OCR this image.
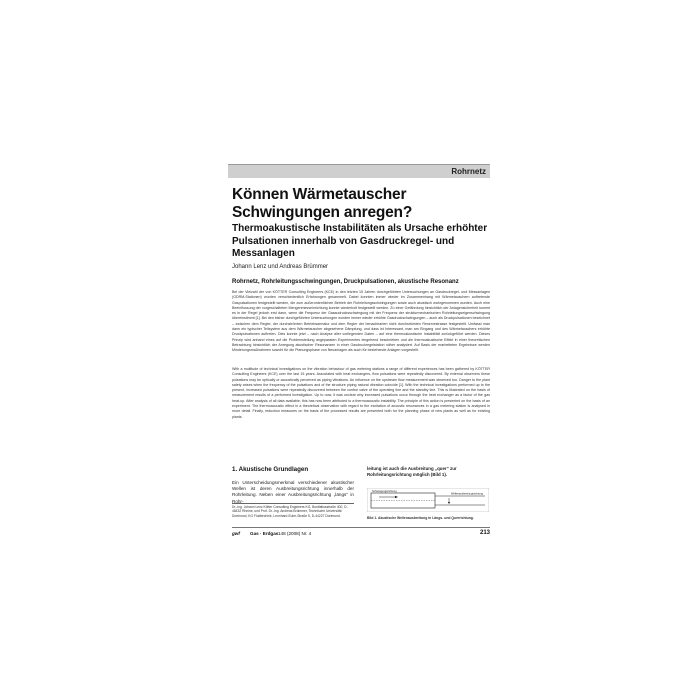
Rohrnetz
Können Wärmetauscher Schwingungen anregen?
Thermoakustische Instabilitäten als Ursache erhöhter Pulsationen innerhalb von Gasdruckregel- und Messanlagen
Johann Lenz und Andreas Brümmer
Rohrnetz, Rohrleitungsschwingungen, Druckpulsationen, akustische Resonanz

Bei der Vielzahl der von KÖTTER Consulting Engineers (KCE) in den letzten 15 Jahren durchgeführten Untersuchungen an Gasdruckregel- und Messanlagen (GDRM-Stationen) wurden verschiedentlich Erfahrungen gesammelt. Dabei konnten immer wieder im Zusammenhang mit Wärmetauschern auftretende Gaspulsationen festgestellt werden, die zum außerordentlichen Betrieb der Rohrleitungsschwingungen sowie auch akustisch wahrgenommen wurden. Auch eine Beeinflussung der vorgeschalteten Mengenmesseinrichtung konnte wiederholt festgestellt werden. Zu einer Gefährdung hinsichtlich der Anlagensicherheit kommt es in der Regel jedoch erst dann, wenn die Frequenz der Gasaudrucksschwingung mit der Frequenz der strukturmechanischen Rohrleitungseigenschwingung übereinstimmt [1]. Bei den bisher durchgeführten Untersuchungen wurden immer wieder erhöhte Gasdruckschwingungen – auch als Druckpulsationen bezeichnet – zwischen dem Regler, der durchströmten Betriebsarmatur und dem Regler der benachbarten nicht durchströmten Reservestrasse festgestellt. Umfasst man dann ein typischer Teilsystem aus dem Wärmetauscher abgesehene Dämpfung, und dass ist Interessant, man am Eingang und des Wärmetauschers erhöhte Druckpulsationen auftreten. Dies konnte jetzt – nach Analyse aller vorliegenden Daten – auf eine thermoakustische Instabilität zurückgeführt werden. Dieses Prinzip wird anhand eines auf die Problemstellung angepassten Experimentes eingehend beschrieben und die thermoakustische Effekt in einer theoretischen Betrachtung hinsichtlich der Anregung akustischer Resonanzen in einer Gasdruckregelstation näher analysiert. Auf Basis der erarbeiteten Ergebnisse werden Minderungsmaßnahmen sowohl für die Planungsphase von Neuanlagen als auch für bestehende Anlagen vorgestellt.

With a multitude of technical investigations on the vibration behaviour of gas metering stations a range of different experiences has been gathered by KÖTTER Consulting Engineers (KCE) over the last 15 years. Associated with heat exchangers, flow pulsations were repeatedly discovered. By external observers these pulsations may be optically or acoustically perceived as piping vibrations. An influence on the upstream flow measurement was observed too. Danger to the plant safety arises when the frequency of the pulsations and of the structure piping natural vibration coincide [1]. With the technical investigations performed up to the present, increased pulsations were repeatedly discovered between the control valve of the operating line and the standby line. This is illustrated on the basis of measurement results of a performed investigation. Up to now, it was unclear why increased pulsations occur through the heat exchanger as a factor of the gas heat-up. After analysis of all data available, this has now been attributed to a thermoacoustic instability. The principle of this action is presented on the basis of an experiment. The thermoacoustic effect in a theoretical observation with regard to the excitation of acoustic resonances in a gas metering station is analysed in more detail. Finally, reduction measures on the basis of the processed results are presented both for the planning phase of new plants as well as for existing plants.

1. Akustische Grundlagen

Ein Unterscheidungsmerkmal verschiedener akustischer Wellen ist deren Ausbreitungsrichtung innerhalb der Rohrleitung. Neben einer Ausbreitungsrichtung „längs“ in Rohr-

Dr.-Ing. Johann Lenz Kötter Consulting Engineers KG, Bonifatiusstraße 400, D-48432 Rheine, und Prof. Dr.-Ing. Andreas Brümmer, Technische Universität Dortmund, KG Fluidtechnik, Leonhard-Euler-Straße 5, D-44227 Dortmund.

leitung ist auch die Ausbreitung „quer“ zur Rohrleitungsrichtung möglich (Bild 1).

Schwingungsrichtung
Wellenausbreitungsrichtung

Bild 1. Akustische Wellenausbreitung in Längs- und Querrichtung.

gwf Gas · Erdgas 148 (2008) Nr. 4	213
